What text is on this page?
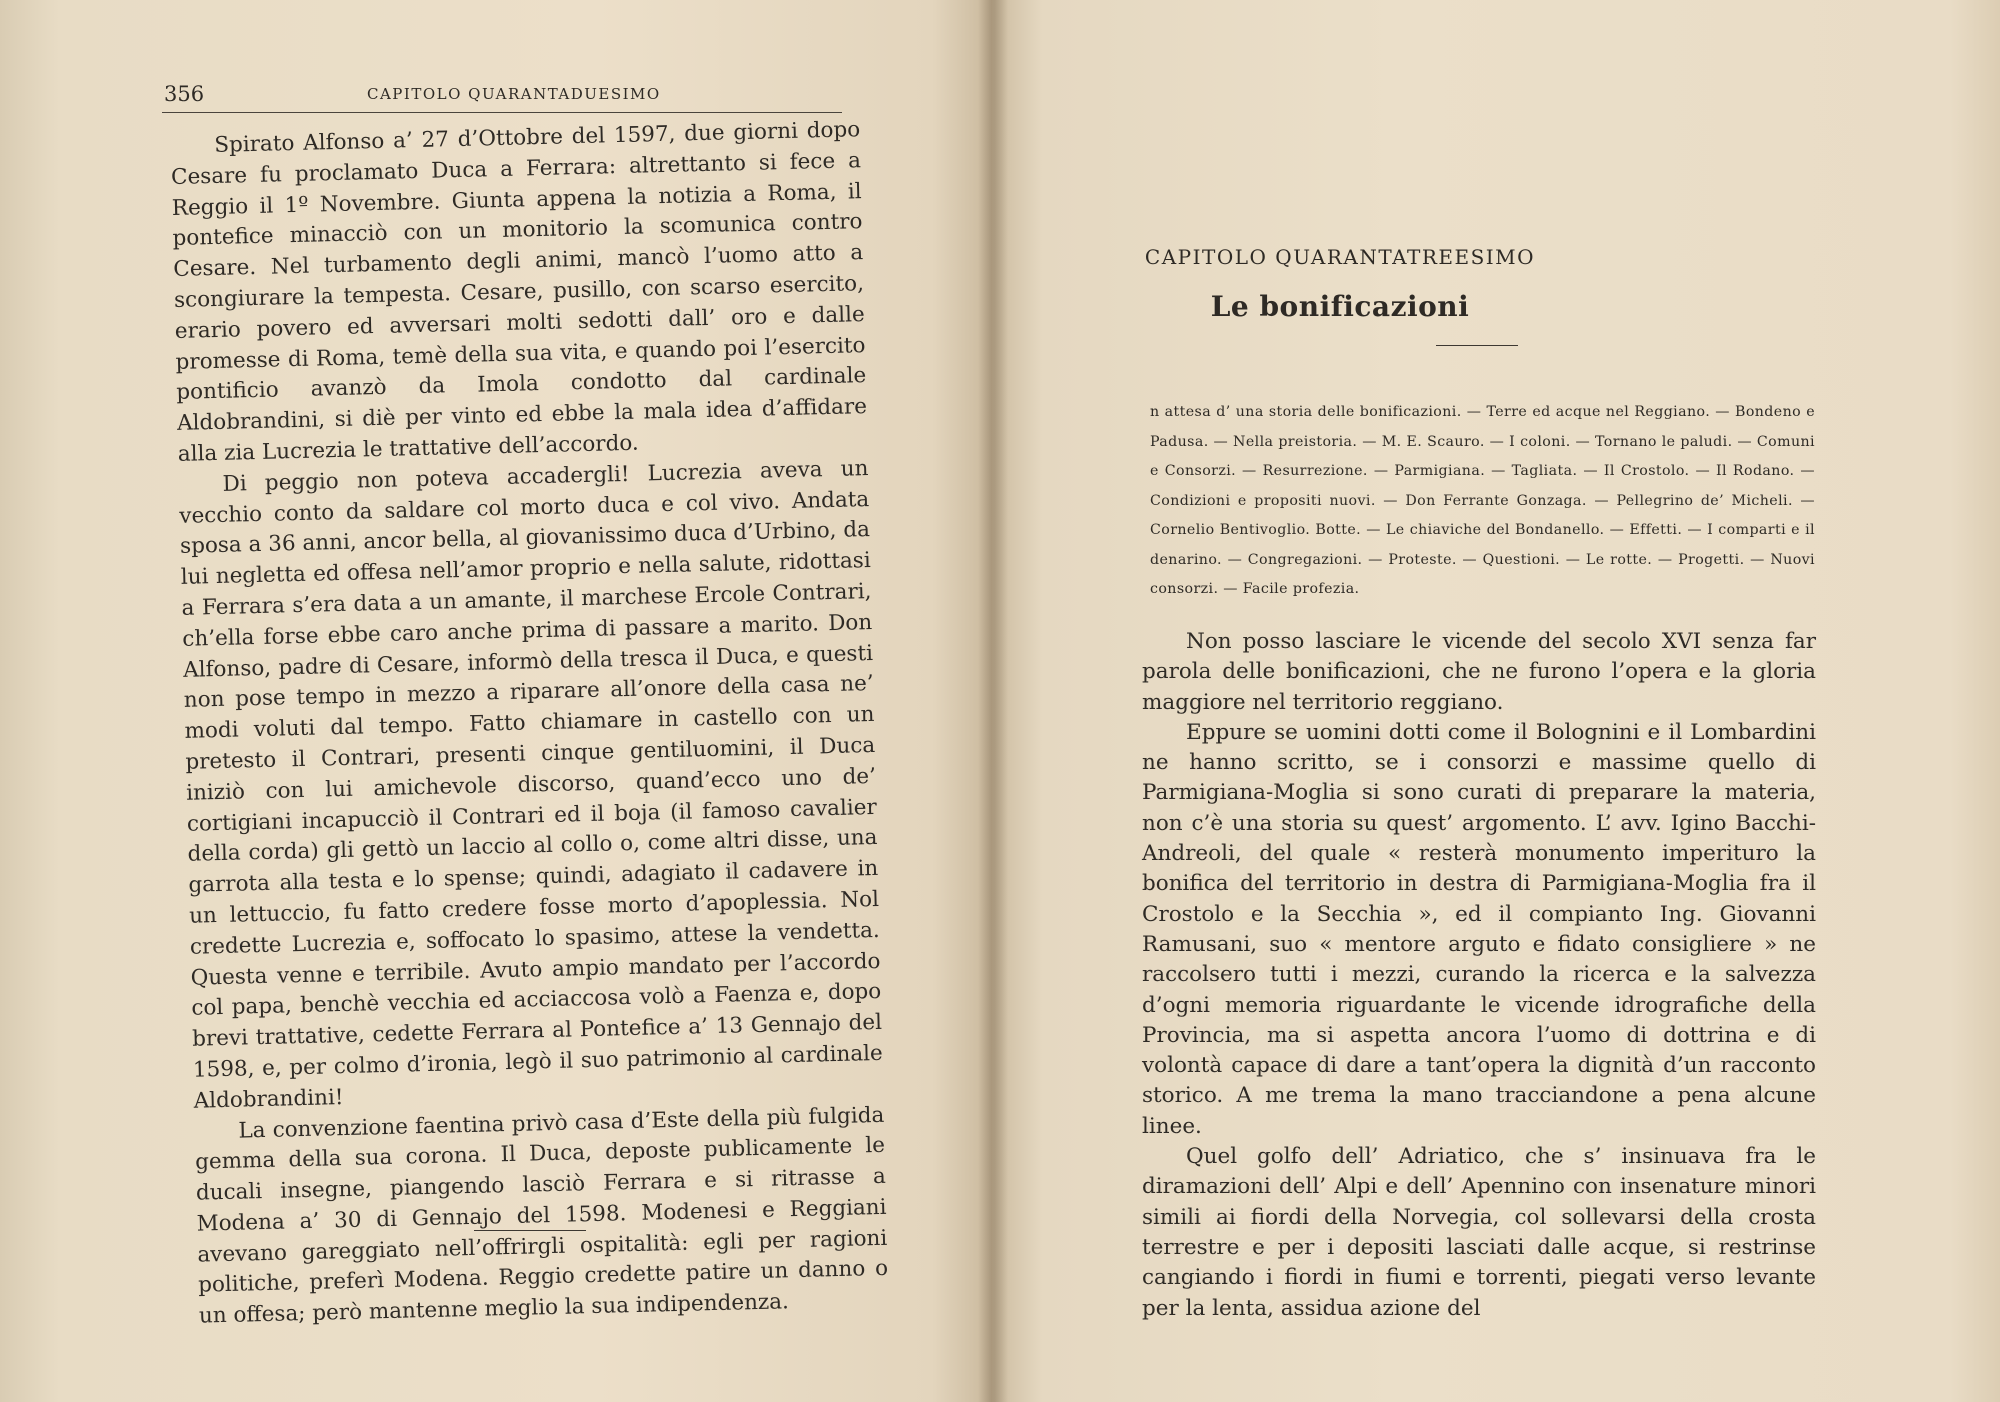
356	CAPITOLO QUARANTADUESIMO

Spirato Alfonso a’ 27 d’Ottobre del 1597, due giorni dopo Cesare fu proclamato Duca a Ferrara: altrettanto si fece a Reggio il 1º Novembre. Giunta appena la notizia a Roma, il pontefice minacciò con un monitorio la scomunica contro Cesare. Nel turbamento degli animi, mancò l’uomo atto a scongiurare la tempesta. Cesare, pusillo, con scarso esercito, erario povero ed avversari molti sedotti dall’ oro e dalle promesse di Roma, temè della sua vita, e quando poi l’esercito pontificio avanzò da Imola condotto dal cardinale Aldobrandini, si diè per vinto ed ebbe la mala idea d’affidare alla zia Lucrezia le trattative dell’accordo.

Di peggio non poteva accadergli! Lucrezia aveva un vecchio conto da saldare col morto duca e col vivo. Andata sposa a 36 anni, ancor bella, al giovanissimo duca d’Urbino, da lui negletta ed offesa nell’amor proprio e nella salute, ridottasi a Ferrara s’era data a un amante, il marchese Ercole Contrari, ch’ella forse ebbe caro anche prima di passare a marito. Don Alfonso, padre di Cesare, informò della tresca il Duca, e questi non pose tempo in mezzo a riparare all’onore della casa ne’ modi voluti dal tempo. Fatto chiamare in castello con un pretesto il Contrari, presenti cinque gentiluomini, il Duca iniziò con lui amichevole discorso, quand’ecco uno de’ cortigiani incapucciò il Contrari ed il boja (il famoso cavalier della corda) gli gettò un laccio al collo o, come altri disse, una garrota alla testa e lo spense; quindi, adagiato il cadavere in un lettuccio, fu fatto credere fosse morto d’apoplessia. Nol credette Lucrezia e, soffocato lo spasimo, attese la vendetta. Questa venne e terribile. Avuto ampio mandato per l’accordo col papa, benchè vecchia ed acciaccosa volò a Faenza e, dopo brevi trattative, cedette Ferrara al Pontefice a’ 13 Gennajo del 1598, e, per colmo d’ironia, legò il suo patrimonio al cardinale Aldobrandini!

La convenzione faentina privò casa d’Este della più fulgida gemma della sua corona. Il Duca, deposte publicamente le ducali insegne, piangendo lasciò Ferrara e si ritrasse a Modena a’ 30 di Gennajo del 1598. Modenesi e Reggiani avevano gareggiato nell’offrirgli ospitalità: egli per ragioni politiche, preferì Modena. Reggio credette patire un danno o un offesa; però mantenne meglio la sua indipendenza.

CAPITOLO QUARANTATREESIMO
Le bonificazioni

n attesa d’ una storia delle bonificazioni. — Terre ed acque nel Reggiano. — Bondeno e Padusa. — Nella preistoria. — M. E. Scauro. — I coloni. — Tornano le paludi. — Comuni e Consorzi. — Resurrezione. — Parmigiana. — Tagliata. — Il Crostolo. — Il Rodano. — Condizioni e propositi nuovi. — Don Ferrante Gonzaga. — Pellegrino de’ Micheli. — Cornelio Bentivoglio. Botte. — Le chiaviche del Bondanello. — Effetti. — I comparti e il denarino. — Congregazioni. — Proteste. — Questioni. — Le rotte. — Progetti. — Nuovi consorzi. — Facile profezia.

Non posso lasciare le vicende del secolo XVI senza far parola delle bonificazioni, che ne furono l’opera e la gloria maggiore nel territorio reggiano.

Eppure se uomini dotti come il Bolognini e il Lombardini ne hanno scritto, se i consorzi e massime quello di Parmigiana-Moglia si sono curati di preparare la materia, non c’è una storia su quest’ argomento. L’ avv. Igino Bacchi-Andreoli, del quale « resterà monumento imperituro la bonifica del territorio in destra di Parmigiana-Moglia fra il Crostolo e la Secchia », ed il compianto Ing. Giovanni Ramusani, suo « mentore arguto e fidato consigliere » ne raccolsero tutti i mezzi, curando la ricerca e la salvezza d’ogni memoria riguardante le vicende idrografiche della Provincia, ma si aspetta ancora l’uomo di dottrina e di volontà capace di dare a tant’opera la dignità d’un racconto storico. A me trema la mano tracciandone a pena alcune linee.

Quel golfo dell’ Adriatico, che s’ insinuava fra le diramazioni dell’ Alpi e dell’ Apennino con insenature minori simili ai fiordi della Norvegia, col sollevarsi della crosta terrestre e per i depositi lasciati dalle acque, si restrinse cangiando i fiordi in fiumi e torrenti, piegati verso levante per la lenta, assidua azione del
